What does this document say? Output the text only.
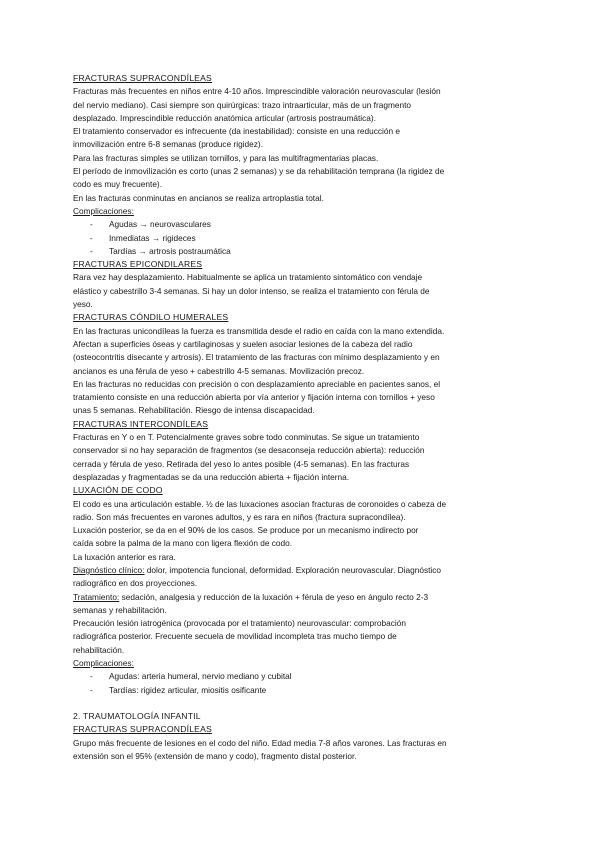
FRACTURAS SUPRACONDÍLEAS

Fracturas más frecuentes en niños entre 4-10 años. Imprescindible valoración neurovascular (lesión

del nervio mediano). Casi siempre son quirúrgicas: trazo intraarticular, más de un fragmento

desplazado. Imprescindible reducción anatómica articular (artrosis postraumática).

El tratamiento conservador es infrecuente (da inestabilidad): consiste en una reducción e

inmovilización entre 6-8 semanas (produce rigidez).

Para las fracturas simples se utilizan tornillos, y para las multifragmentarias placas.

El período de inmovilización es corto (unas 2 semanas) y se da rehabilitación temprana (la rigidez de

codo es muy frecuente).

En las fracturas conminutas en ancianos se realiza artroplastia total.

Complicaciones:

- Agudas → neurovasculares
- Inmediatas → rigideces
- Tardías → artrosis postraumática

FRACTURAS EPICONDILARES

Rara vez hay desplazamiento. Habitualmente se aplica un tratamiento sintomático con vendaje

elástico y cabestrillo 3-4 semanas. Si hay un dolor intenso, se realiza el tratamiento con férula de

yeso.

FRACTURAS CÓNDILO HUMERALES

En las fracturas unicondíleas la fuerza es transmitida desde el radio en caída con la mano extendida.

Afectan a superficies óseas y cartilaginosas y suelen asociar lesiones de la cabeza del radio

(osteocontritis disecante y artrosis). El tratamiento de las fracturas con mínimo desplazamiento y en

ancianos es una férula de yeso + cabestrillo 4-5 semanas. Movilización precoz.

En las fracturas no reducidas con precisión o con desplazamiento apreciable en pacientes sanos, el

tratamiento consiste en una reducción abierta por vía anterior y fijación interna con tornillos + yeso

unas 5 semanas. Rehabilitación. Riesgo de intensa discapacidad.

FRACTURAS INTERCONDÍLEAS

Fracturas en Y o en T. Potencialmente graves sobre todo conminutas. Se sigue un tratamiento

conservador si no hay separación de fragmentos (se desaconseja reducción abierta): reducción

cerrada y férula de yeso. Retirada del yeso lo antes posible (4-5 semanas). En las fracturas

desplazadas y fragmentadas se da una reducción abierta + fijación interna.

LUXACIÓN DE CODO

El codo es una articulación estable. ½ de las luxaciones asocian fracturas de coronoides o cabeza de

radio. Son más frecuentes en varones adultos, y es rara en niños (fractura supracondílea).

Luxación posterior, se da en el 90% de los casos. Se produce por un mecanismo indirecto por

caída sobre la palma de la mano con ligera flexión de codo.

La luxación anterior es rara.

Diagnóstico clínico: dolor, impotencia funcional, deformidad. Exploración neurovascular. Diagnóstico

radiográfico en dos proyecciones.

Tratamiento: sedación, analgesia y reducción de la luxación + férula de yeso en ángulo recto 2-3

semanas y rehabilitación.

Precaución lesión iatrogénica (provocada por el tratamiento) neurovascular: comprobación

radiográfica posterior. Frecuente secuela de movilidad incompleta tras mucho tiempo de

rehabilitación.

Complicaciones:

- Agudas: arteria humeral, nervio mediano y cubital
- Tardías: rigidez articular, miositis osificante

2. TRAUMATOLOGÍA INFANTIL

FRACTURAS SUPRACONDÍLEAS

Grupo más frecuente de lesiones en el codo del niño. Edad media 7-8 años varones. Las fracturas en

extensión son el 95% (extensión de mano y codo), fragmento distal posterior.
